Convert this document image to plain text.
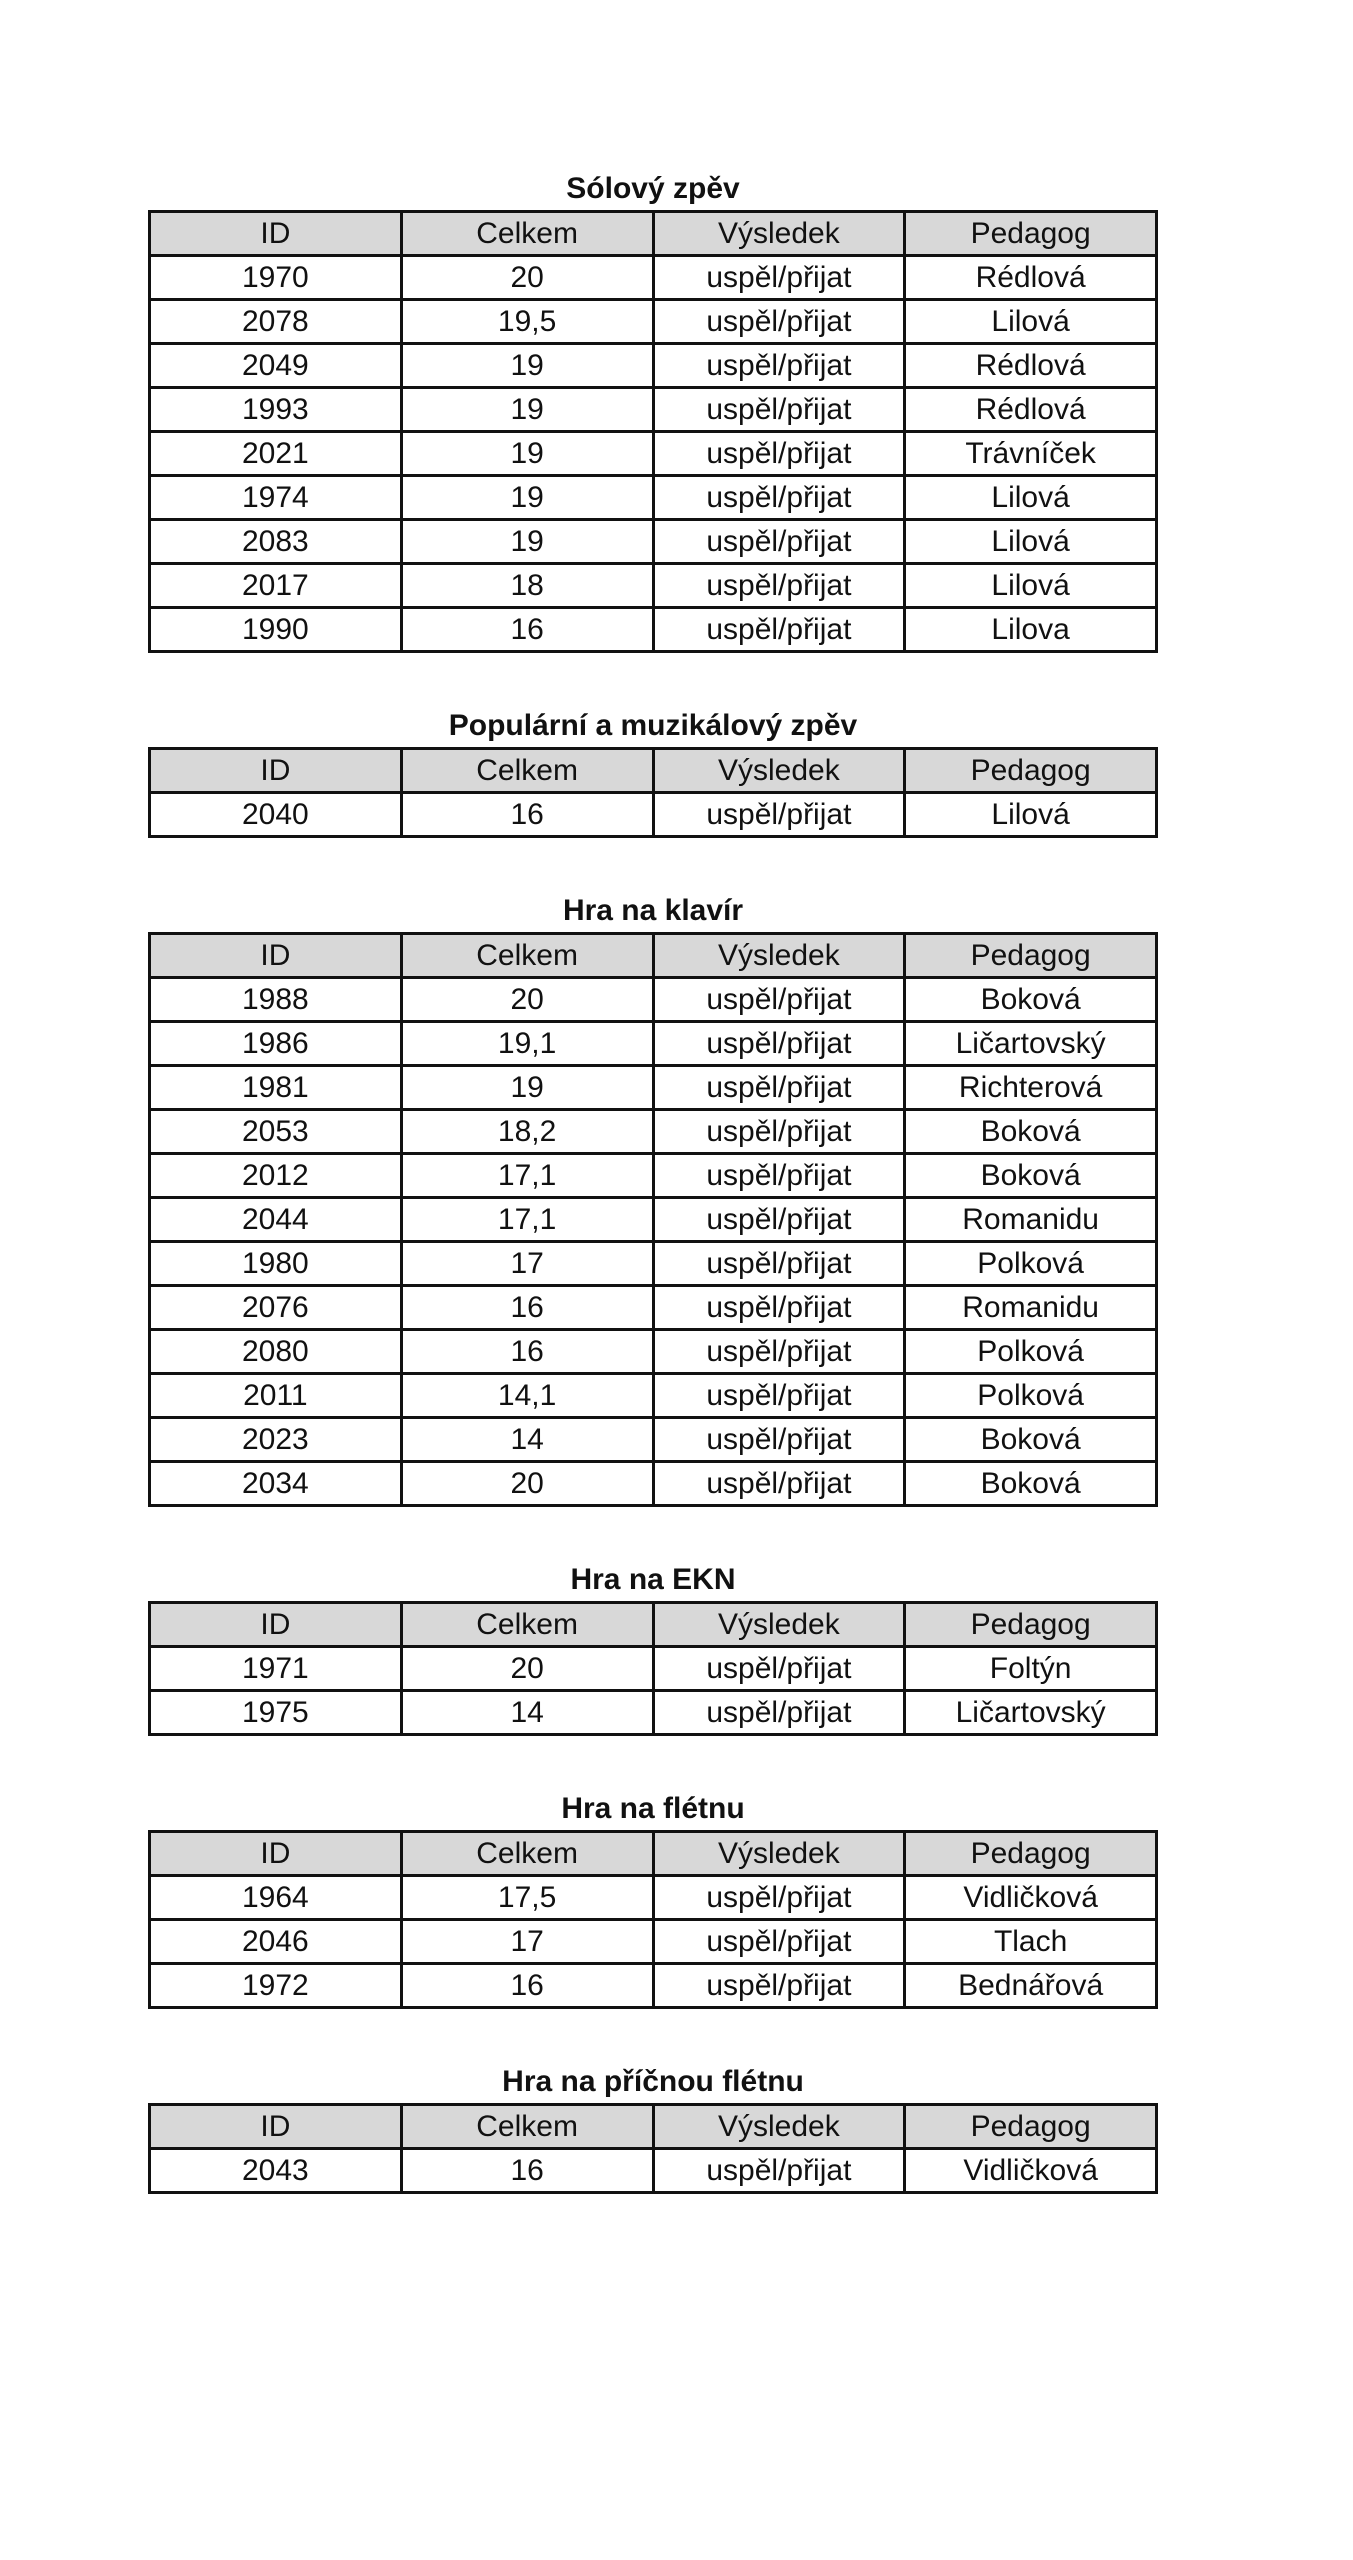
Sólový zpěv
ID	Celkem	Výsledek	Pedagog
1970	20	uspěl/přijat	Rédlová
2078	19,5	uspěl/přijat	Lilová
2049	19	uspěl/přijat	Rédlová
1993	19	uspěl/přijat	Rédlová
2021	19	uspěl/přijat	Trávníček
1974	19	uspěl/přijat	Lilová
2083	19	uspěl/přijat	Lilová
2017	18	uspěl/přijat	Lilová
1990	16	uspěl/přijat	Lilova
Populární a muzikálový zpěv
ID	Celkem	Výsledek	Pedagog
2040	16	uspěl/přijat	Lilová
Hra na klavír
ID	Celkem	Výsledek	Pedagog
1988	20	uspěl/přijat	Boková
1986	19,1	uspěl/přijat	Ličartovský
1981	19	uspěl/přijat	Richterová
2053	18,2	uspěl/přijat	Boková
2012	17,1	uspěl/přijat	Boková
2044	17,1	uspěl/přijat	Romanidu
1980	17	uspěl/přijat	Polková
2076	16	uspěl/přijat	Romanidu
2080	16	uspěl/přijat	Polková
2011	14,1	uspěl/přijat	Polková
2023	14	uspěl/přijat	Boková
2034	20	uspěl/přijat	Boková
Hra na EKN
ID	Celkem	Výsledek	Pedagog
1971	20	uspěl/přijat	Foltýn
1975	14	uspěl/přijat	Ličartovský
Hra na flétnu
ID	Celkem	Výsledek	Pedagog
1964	17,5	uspěl/přijat	Vidličková
2046	17	uspěl/přijat	Tlach
1972	16	uspěl/přijat	Bednářová
Hra na příčnou flétnu
ID	Celkem	Výsledek	Pedagog
2043	16	uspěl/přijat	Vidličková
